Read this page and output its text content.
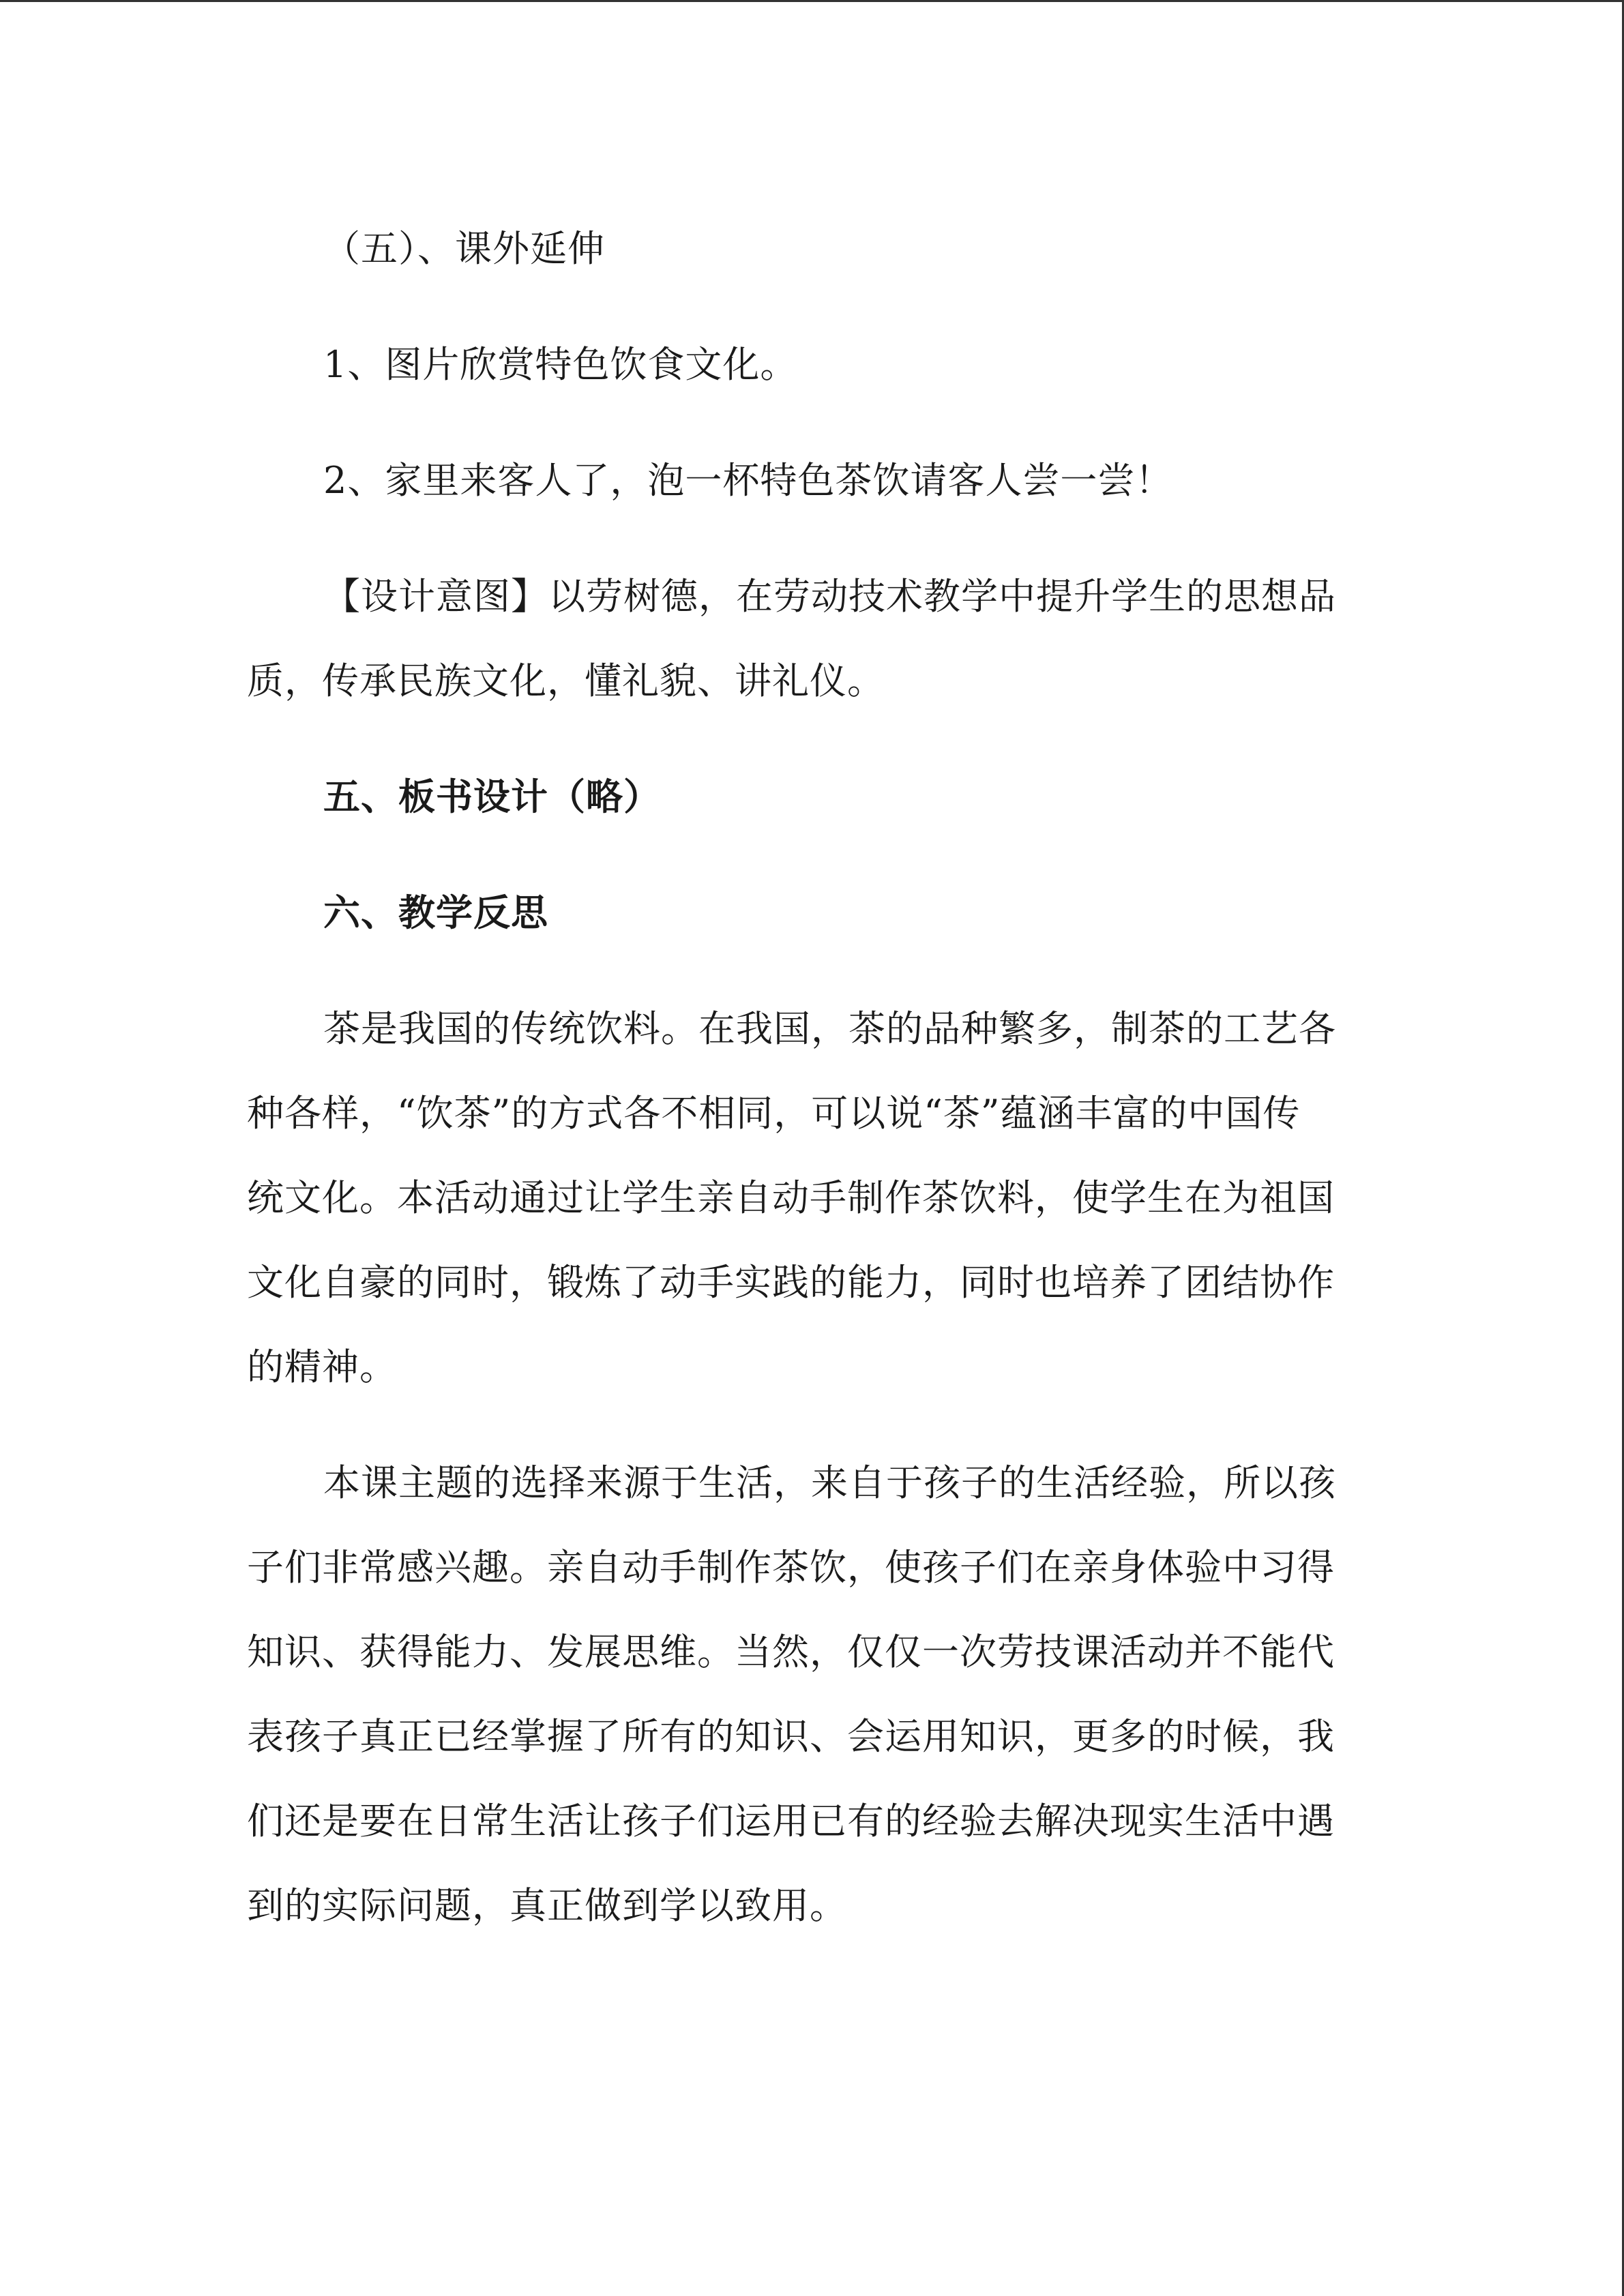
（五）、课外延伸
1、图片欣赏特色饮食文化。
2、家里来客人了，泡一杯特色茶饮请客人尝一尝！
【设计意图】以劳树德，在劳动技术教学中提升学生的思想品
质，传承民族文化，懂礼貌、讲礼仪。
五、板书设计（略）
六、教学反思
茶是我国的传统饮料。在我国，茶的品种繁多，制茶的工艺各
种各样，“饮茶”的方式各不相同，可以说“茶”蕴涵丰富的中国传
统文化。本活动通过让学生亲自动手制作茶饮料，使学生在为祖国
文化自豪的同时，锻炼了动手实践的能力，同时也培养了团结协作
的精神。
本课主题的选择来源于生活，来自于孩子的生活经验，所以孩
子们非常感兴趣。亲自动手制作茶饮，使孩子们在亲身体验中习得
知识、获得能力、发展思维。当然，仅仅一次劳技课活动并不能代
表孩子真正已经掌握了所有的知识、会运用知识，更多的时候，我
们还是要在日常生活让孩子们运用已有的经验去解决现实生活中遇
到的实际问题，真正做到学以致用。
